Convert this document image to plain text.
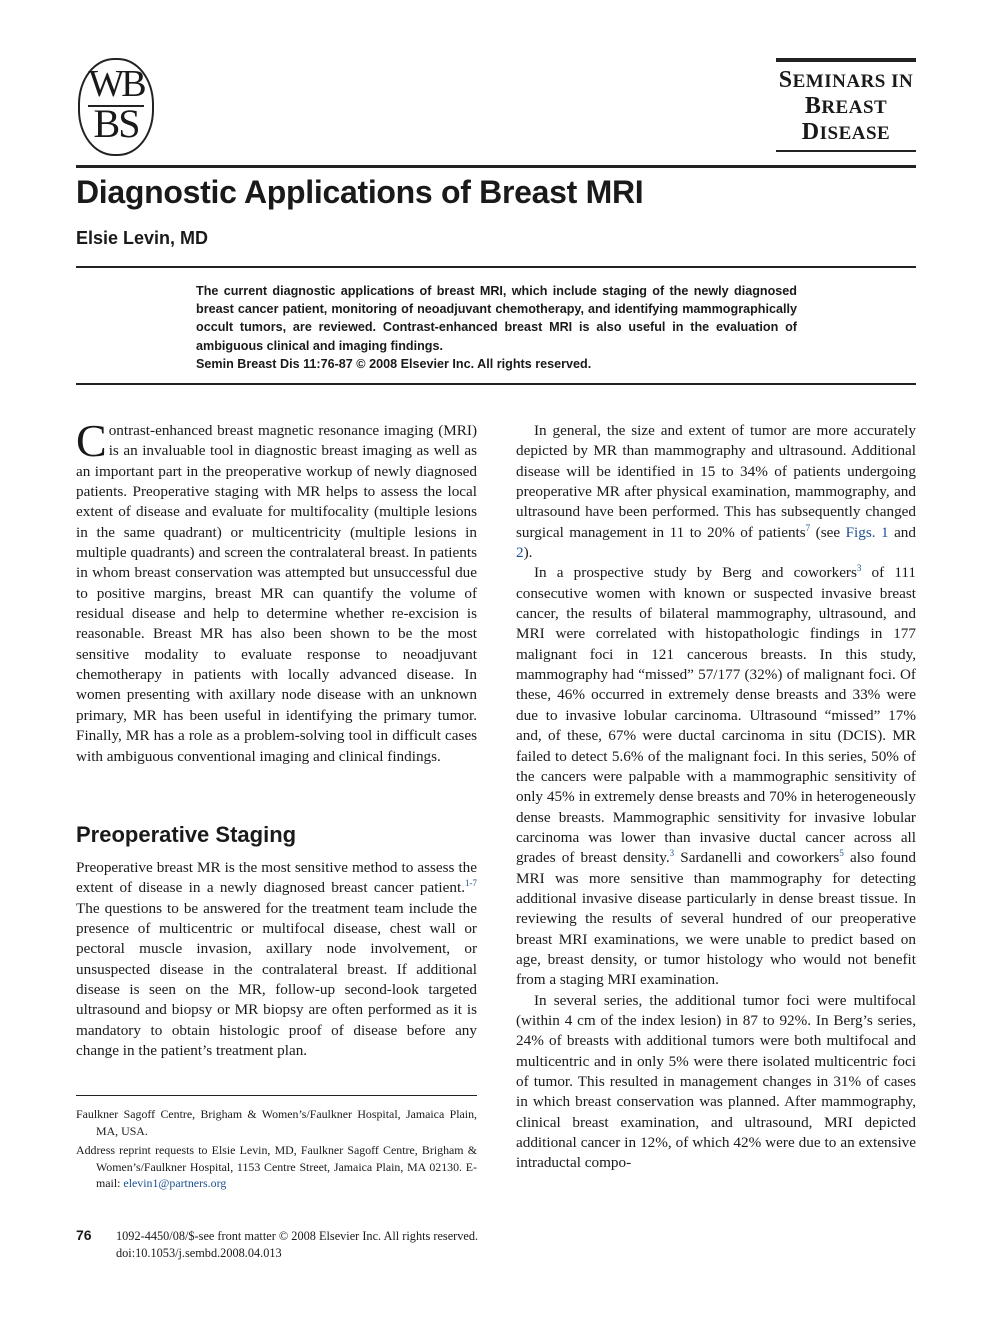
WB
BS
SEMINARS IN
BREAST
DISEASE
Diagnostic Applications of Breast MRI
Elsie Levin, MD
The current diagnostic applications of breast MRI, which include staging of the newly diagnosed breast cancer patient, monitoring of neoadjuvant chemotherapy, and identifying mammographically occult tumors, are reviewed. Contrast-enhanced breast MRI is also useful in the evaluation of ambiguous clinical and imaging findings.
Semin Breast Dis 11:76-87 © 2008 Elsevier Inc. All rights reserved.

Contrast-enhanced breast magnetic resonance imaging (MRI) is an invaluable tool in diagnostic breast imaging as well as an important part in the preoperative workup of newly diagnosed patients. Preoperative staging with MR helps to assess the local extent of disease and evaluate for multifocality (multiple lesions in the same quadrant) or multicentricity (multiple lesions in multiple quadrants) and screen the contralateral breast. In patients in whom breast conservation was attempted but unsuccessful due to positive margins, breast MR can quantify the volume of residual disease and help to determine whether re-excision is reasonable. Breast MR has also been shown to be the most sensitive modality to evaluate response to neoadjuvant chemotherapy in patients with locally advanced disease. In women presenting with axillary node disease with an unknown primary, MR has been useful in identifying the primary tumor. Finally, MR has a role as a problem-solving tool in difficult cases with ambiguous conventional imaging and clinical findings.

Preoperative Staging

Preoperative breast MR is the most sensitive method to assess the extent of disease in a newly diagnosed breast cancer patient.$^{1-7}$ The questions to be answered for the treatment team include the presence of multicentric or multifocal disease, chest wall or pectoral muscle invasion, axillary node involvement, or unsuspected disease in the contralateral breast. If additional disease is seen on the MR, follow-up second-look targeted ultrasound and biopsy or MR biopsy are often performed as it is mandatory to obtain histologic proof of disease before any change in the patient’s treatment plan.

In general, the size and extent of tumor are more accurately depicted by MR than mammography and ultrasound. Additional disease will be identified in 15 to 34% of patients undergoing preoperative MR after physical examination, mammography, and ultrasound have been performed. This has subsequently changed surgical management in 11 to 20% of patients$^7$ (see Figs. 1 and 2).

In a prospective study by Berg and coworkers$^3$ of 111 consecutive women with known or suspected invasive breast cancer, the results of bilateral mammography, ultrasound, and MRI were correlated with histopathologic findings in 177 malignant foci in 121 cancerous breasts. In this study, mammography had “missed” 57/177 (32%) of malignant foci. Of these, 46% occurred in extremely dense breasts and 33% were due to invasive lobular carcinoma. Ultrasound “missed” 17% and, of these, 67% were ductal carcinoma in situ (DCIS). MR failed to detect 5.6% of the malignant foci. In this series, 50% of the cancers were palpable with a mammographic sensitivity of only 45% in extremely dense breasts and 70% in heterogeneously dense breasts. Mammographic sensitivity for invasive lobular carcinoma was lower than invasive ductal cancer across all grades of breast density.$^3$ Sardanelli and coworkers$^5$ also found MRI was more sensitive than mammography for detecting additional invasive disease particularly in dense breast tissue. In reviewing the results of several hundred of our preoperative breast MRI examinations, we were unable to predict based on age, breast density, or tumor histology who would not benefit from a staging MRI examination.

In several series, the additional tumor foci were multifocal (within 4 cm of the index lesion) in 87 to 92%. In Berg’s series, 24% of breasts with additional tumors were both multifocal and multicentric and in only 5% were there isolated multicentric foci of tumor. This resulted in management changes in 31% of cases in which breast conservation was planned. After mammography, clinical breast examination, and ultrasound, MRI depicted additional cancer in 12%, of which 42% were due to an extensive intraductal compo-

Faulkner Sagoff Centre, Brigham & Women’s/Faulkner Hospital, Jamaica Plain, MA, USA.

Address reprint requests to Elsie Levin, MD, Faulkner Sagoff Centre, Brigham & Women’s/Faulkner Hospital, 1153 Centre Street, Jamaica Plain, MA 02130. E-mail: elevin1@partners.org

76 1092-4450/08/$-see front matter © 2008 Elsevier Inc. All rights reserved.
doi:10.1053/j.sembd.2008.04.013
